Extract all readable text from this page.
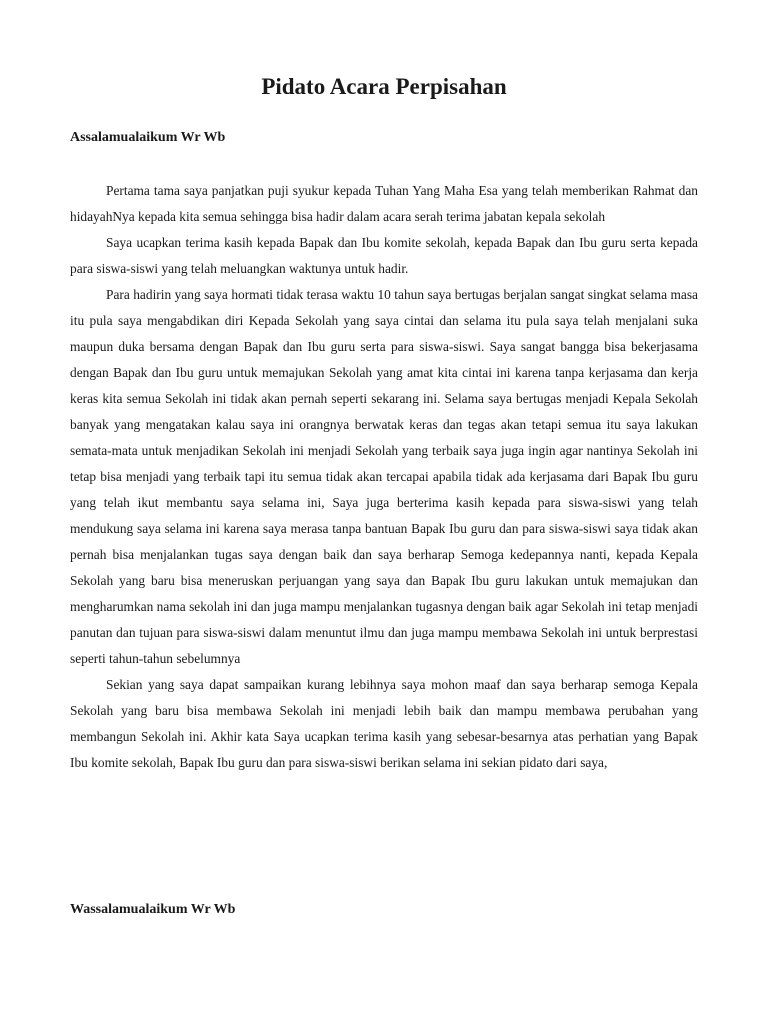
Pidato Acara Perpisahan

Assalamualaikum Wr Wb

Pertama tama saya panjatkan puji syukur kepada Tuhan Yang Maha Esa yang telah memberikan Rahmat dan hidayahNya kepada kita semua sehingga bisa hadir dalam acara serah terima jabatan kepala sekolah

Saya ucapkan terima kasih kepada Bapak dan Ibu komite sekolah, kepada Bapak dan Ibu guru serta kepada para siswa-siswi yang telah meluangkan waktunya untuk hadir.

Para hadirin yang saya hormati tidak terasa waktu 10 tahun saya bertugas berjalan sangat singkat selama masa itu pula saya mengabdikan diri Kepada Sekolah yang saya cintai dan selama itu pula saya telah menjalani suka maupun duka bersama dengan Bapak dan Ibu guru serta para siswa-siswi. Saya sangat bangga bisa bekerjasama dengan Bapak dan Ibu guru untuk memajukan Sekolah yang amat kita cintai ini karena tanpa kerjasama dan kerja keras kita semua Sekolah ini tidak akan pernah seperti sekarang ini. Selama saya bertugas menjadi Kepala Sekolah banyak yang mengatakan kalau saya ini orangnya berwatak keras dan tegas akan tetapi semua itu saya lakukan semata-mata untuk menjadikan Sekolah ini menjadi Sekolah yang terbaik saya juga ingin agar nantinya Sekolah ini tetap bisa menjadi yang terbaik tapi itu semua tidak akan tercapai apabila tidak ada kerjasama dari Bapak Ibu guru yang telah ikut membantu saya selama ini, Saya juga berterima kasih kepada para siswa-siswi yang telah mendukung saya selama ini karena saya merasa tanpa bantuan Bapak Ibu guru dan para siswa-siswi saya tidak akan pernah bisa menjalankan tugas saya dengan baik dan saya berharap Semoga kedepannya nanti, kepada Kepala Sekolah yang baru bisa meneruskan perjuangan yang saya dan Bapak Ibu guru lakukan untuk memajukan dan mengharumkan nama sekolah ini dan juga mampu menjalankan tugasnya dengan baik agar Sekolah ini tetap menjadi panutan dan tujuan para siswa-siswi dalam menuntut ilmu dan juga mampu membawa Sekolah ini untuk berprestasi seperti tahun-tahun sebelumnya

Sekian yang saya dapat sampaikan kurang lebihnya saya mohon maaf dan saya berharap semoga Kepala Sekolah yang baru bisa membawa Sekolah ini menjadi lebih baik dan mampu membawa perubahan yang membangun Sekolah ini. Akhir kata Saya ucapkan terima kasih yang sebesar-besarnya atas perhatian yang Bapak Ibu komite sekolah, Bapak Ibu guru dan para siswa-siswi berikan selama ini sekian pidato dari saya,

Wassalamualaikum Wr Wb
